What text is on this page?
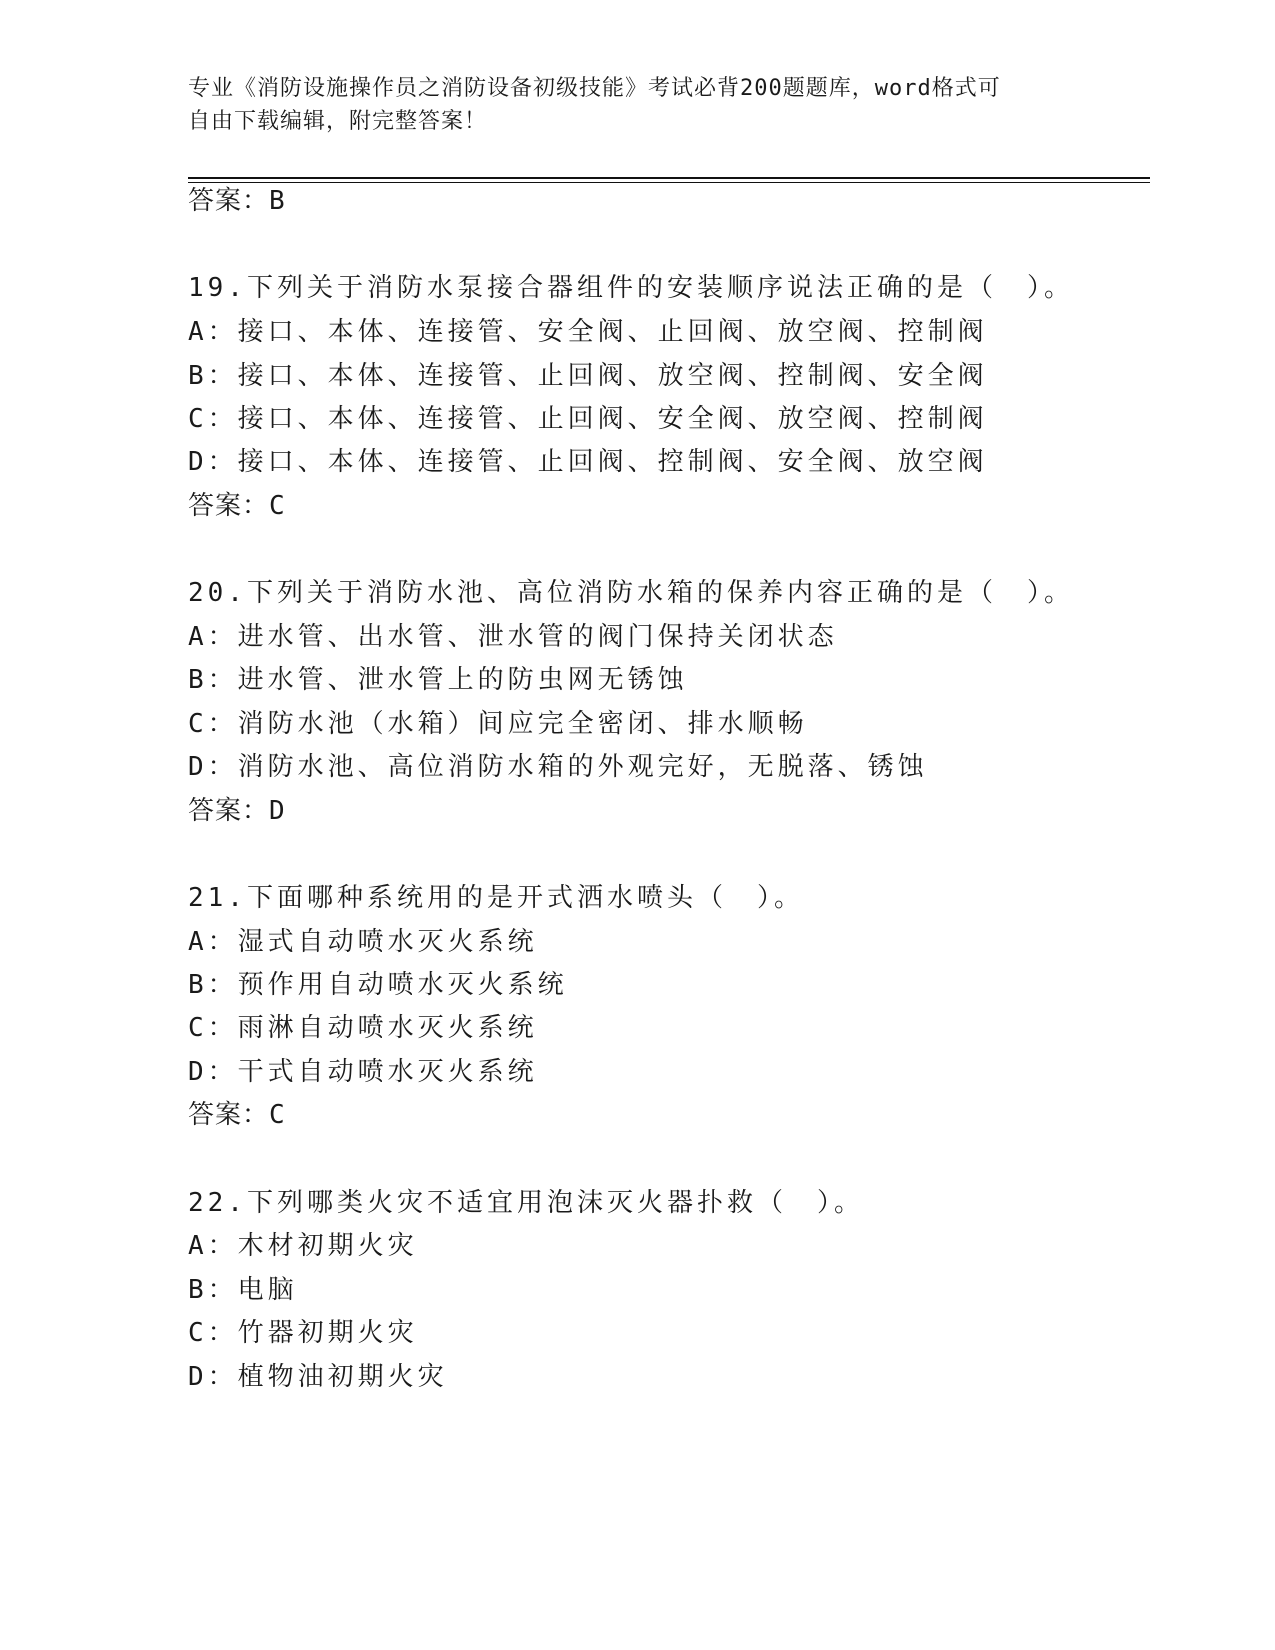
专业《消防设施操作员之消防设备初级技能》考试必背200题题库，word格式可
自由下载编辑，附完整答案！
答案：B
19.下列关于消防水泵接合器组件的安装顺序说法正确的是（　）。
A：接口、本体、连接管、安全阀、止回阀、放空阀、控制阀
B：接口、本体、连接管、止回阀、放空阀、控制阀、安全阀
C：接口、本体、连接管、止回阀、安全阀、放空阀、控制阀
D：接口、本体、连接管、止回阀、控制阀、安全阀、放空阀
答案：C
20.下列关于消防水池、高位消防水箱的保养内容正确的是（　）。
A：进水管、出水管、泄水管的阀门保持关闭状态
B：进水管、泄水管上的防虫网无锈蚀
C：消防水池（水箱）间应完全密闭、排水顺畅
D：消防水池、高位消防水箱的外观完好，无脱落、锈蚀
答案：D
21.下面哪种系统用的是开式洒水喷头（　）。
A：湿式自动喷水灭火系统
B：预作用自动喷水灭火系统
C：雨淋自动喷水灭火系统
D：干式自动喷水灭火系统
答案：C
22.下列哪类火灾不适宜用泡沫灭火器扑救（　）。
A：木材初期火灾
B：电脑
C：竹器初期火灾
D：植物油初期火灾
